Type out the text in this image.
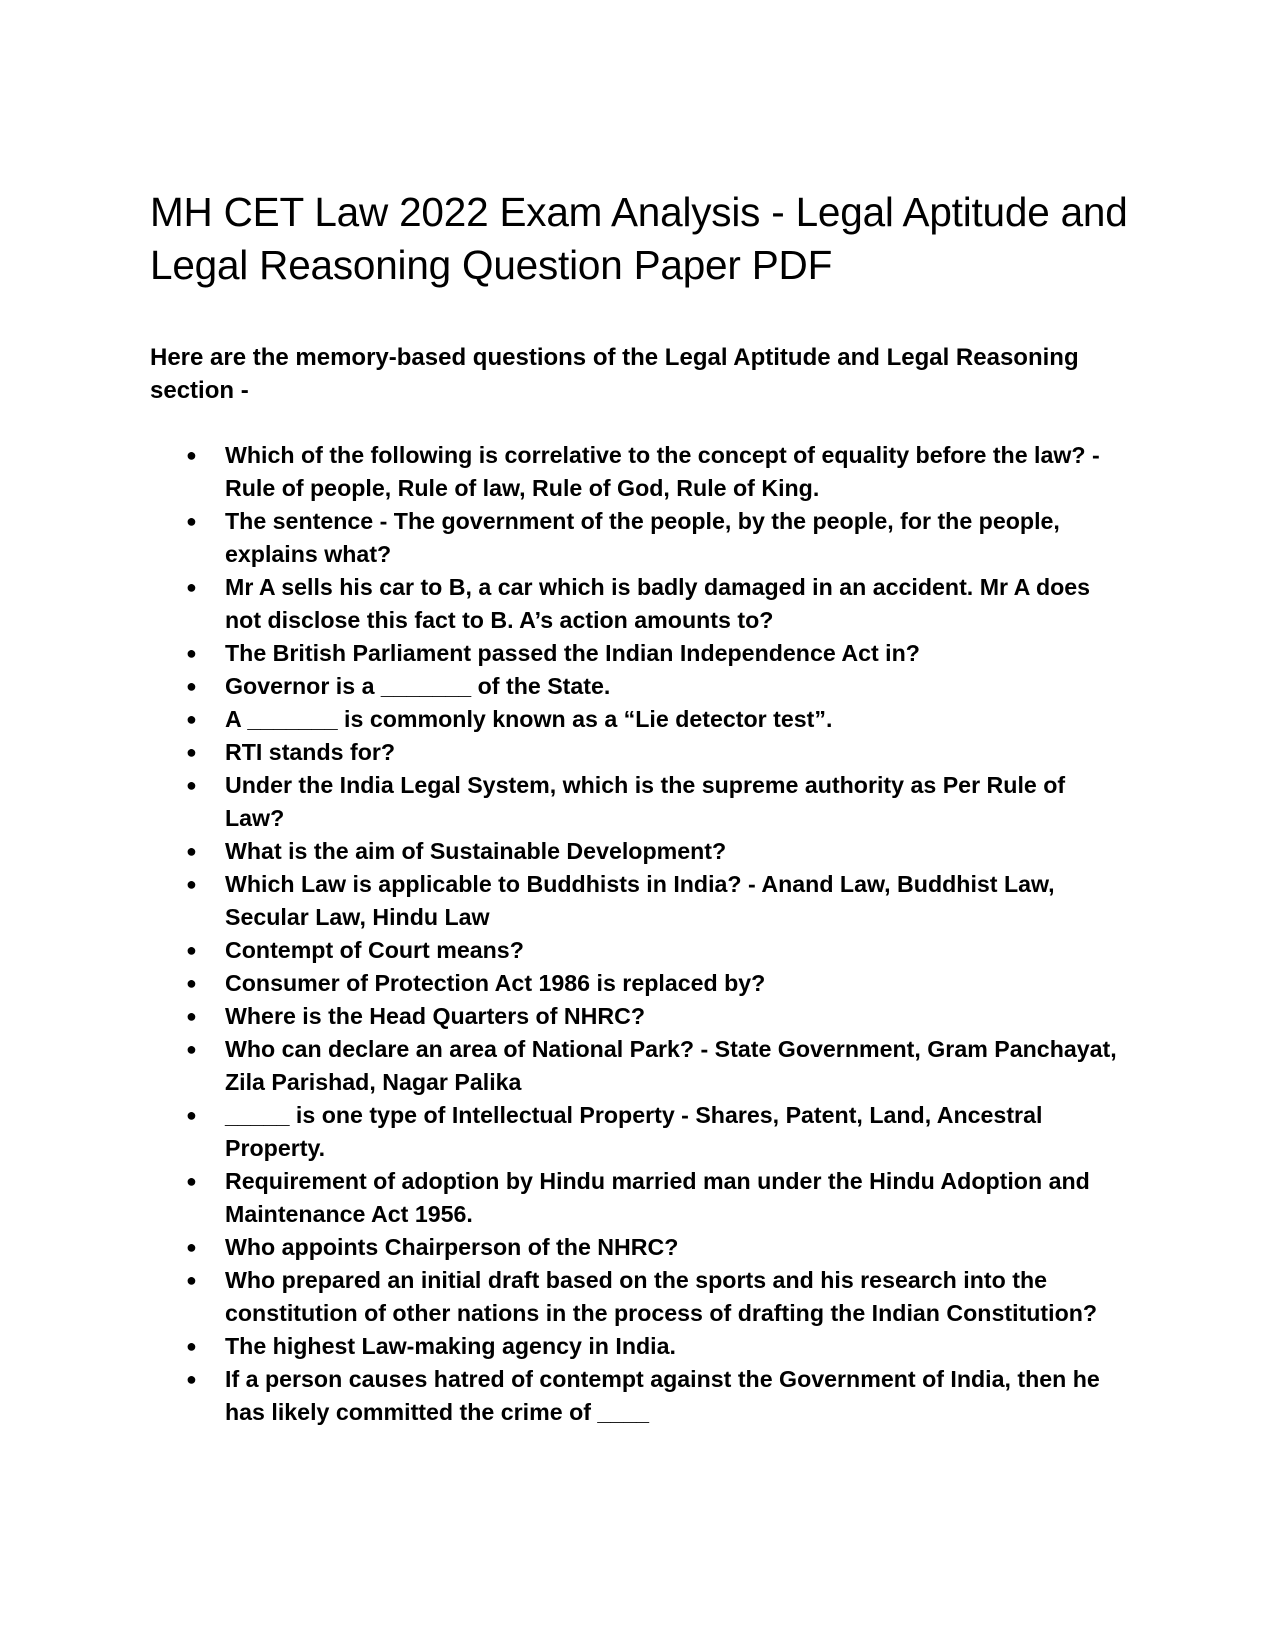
MH CET Law 2022 Exam Analysis - Legal Aptitude and Legal Reasoning Question Paper PDF

Here are the memory-based questions of the Legal Aptitude and Legal Reasoning section -

● Which of the following is correlative to the concept of equality before the law? - Rule of people, Rule of law, Rule of God, Rule of King.
● The sentence - The government of the people, by the people, for the people, explains what?
● Mr A sells his car to B, a car which is badly damaged in an accident. Mr A does not disclose this fact to B. A’s action amounts to?
● The British Parliament passed the Indian Independence Act in?
● Governor is a _______ of the State.
● A _______ is commonly known as a “Lie detector test”.
● RTI stands for?
● Under the India Legal System, which is the supreme authority as Per Rule of Law?
● What is the aim of Sustainable Development?
● Which Law is applicable to Buddhists in India? - Anand Law, Buddhist Law, Secular Law, Hindu Law
● Contempt of Court means?
● Consumer of Protection Act 1986 is replaced by?
● Where is the Head Quarters of NHRC?
● Who can declare an area of National Park? - State Government, Gram Panchayat, Zila Parishad, Nagar Palika
● _____ is one type of Intellectual Property - Shares, Patent, Land, Ancestral Property.
● Requirement of adoption by Hindu married man under the Hindu Adoption and Maintenance Act 1956.
● Who appoints Chairperson of the NHRC?
● Who prepared an initial draft based on the sports and his research into the constitution of other nations in the process of drafting the Indian Constitution?
● The highest Law-making agency in India.
● If a person causes hatred of contempt against the Government of India, then he has likely committed the crime of ____
